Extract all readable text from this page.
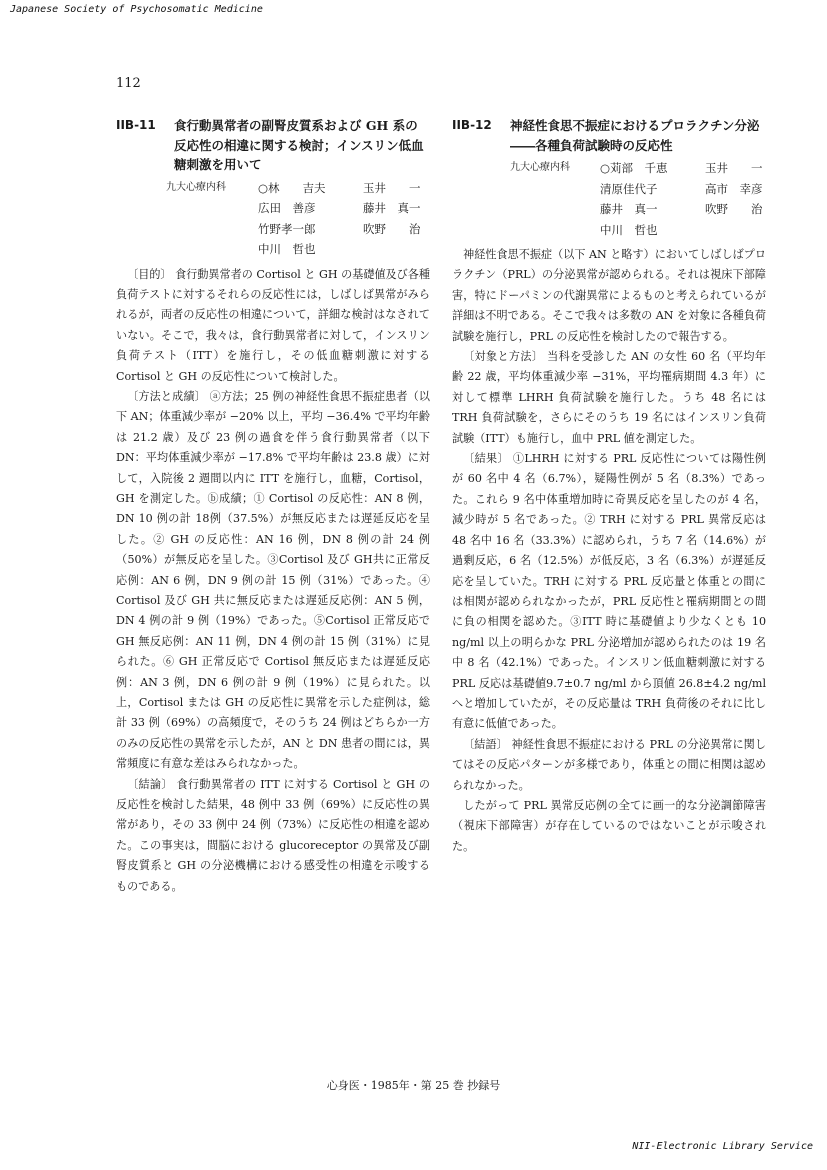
Japanese Society of Psychosomatic Medicine
112
IIB-11	食行動異常者の副腎皮質系および GH 系の反応性の相違に関する検討；インスリン低血糖刺激を用いて
九大心療内科	○林　　吉夫	玉井　　一
広田　善彦	藤井　真一
竹野孝一郎	吹野　　治
中川　哲也

〔目的〕 食行動異常者の Cortisol と GH の基礎値及び各種負荷テストに対するそれらの反応性には，しばしば異常がみられるが，両者の反応性の相違について，詳細な検討はなされていない。そこで，我々は，食行動異常者に対して，インスリン負荷テスト（ITT）を施行し，その低血糖刺激に対する Cortisol と GH の反応性について検討した。

〔方法と成績〕 ⓐ方法；25 例の神経性食思不振症患者（以下 AN；体重減少率が −20% 以上，平均 −36.4% で平均年齢は 21.2 歳）及び 23 例の過食を伴う食行動異常者（以下 DN：平均体重減少率が −17.8% で平均年齢は 23.8 歳）に対して，入院後 2 週間以内に ITT を施行し，血糖，Cortisol，GH を測定した。ⓑ成績；① Cortisol の反応性：AN 8 例，DN 10 例の計 18例（37.5%）が無反応または遅延反応を呈した。② GH の反応性：AN 16 例，DN 8 例の計 24 例（50%）が無反応を呈した。③Cortisol 及び GH共に正常反応例：AN 6 例，DN 9 例の計 15 例（31%）であった。④ Cortisol 及び GH 共に無反応または遅延反応例：AN 5 例，DN 4 例の計 9 例（19%）であった。⑤Cortisol 正常反応で GH 無反応例：AN 11 例，DN 4 例の計 15 例（31%）に見られた。⑥ GH 正常反応で Cortisol 無反応または遅延反応例：AN 3 例，DN 6 例の計 9 例（19%）に見られた。以上，Cortisol または GH の反応性に異常を示した症例は，総計 33 例（69%）の高頻度で，そのうち 24 例はどちらか一方のみの反応性の異常を示したが，AN と DN 患者の間には，異常頻度に有意な差はみられなかった。

〔結論〕 食行動異常者の ITT に対する Cortisol と GH の反応性を検討した結果，48 例中 33 例（69%）に反応性の異常があり，その 33 例中 24 例（73%）に反応性の相違を認めた。この事実は，間脳における glucoreceptor の異常及び副腎皮質系と GH の分泌機構における感受性の相違を示唆するものである。

IIB-12	神経性食思不振症におけるプロラクチン分泌――各種負荷試験時の反応性
九大心療内科	○苅部　千恵	玉井　　一
清原佳代子	高市　幸彦
藤井　真一	吹野　　治
中川　哲也

神経性食思不振症（以下 AN と略す）においてしばしばプロラクチン（PRL）の分泌異常が認められる。それは視床下部障害，特にドーパミンの代謝異常によるものと考えられているが詳細は不明である。そこで我々は多数の AN を対象に各種負荷試験を施行し，PRL の反応性を検討したので報告する。

〔対象と方法〕 当科を受診した AN の女性 60 名（平均年齢 22 歳，平均体重減少率 −31%，平均罹病期間 4.3 年）に対して標準 LHRH 負荷試験を施行した。うち 48 名には TRH 負荷試験を，さらにそのうち 19 名にはインスリン負荷試験（ITT）も施行し，血中 PRL 値を測定した。

〔結果〕 ①LHRH に対する PRL 反応性については陽性例が 60 名中 4 名（6.7%），疑陽性例が 5 名（8.3%）であった。これら 9 名中体重増加時に奇異反応を呈したのが 4 名，減少時が 5 名であった。② TRH に対する PRL 異常反応は 48 名中 16 名（33.3%）に認められ，うち 7 名（14.6%）が過剰反応，6 名（12.5%）が低反応，3 名（6.3%）が遅延反応を呈していた。TRH に対する PRL 反応量と体重との間には相関が認められなかったが，PRL 反応性と罹病期間との間に負の相関を認めた。③ITT 時に基礎値より少なくとも 10 ng/ml 以上の明らかな PRL 分泌増加が認められたのは 19 名中 8 名（42.1%）であった。インスリン低血糖刺激に対する PRL 反応は基礎値9.7±0.7 ng/ml から頂値 26.8±4.2 ng/ml へと増加していたが，その反応量は TRH 負荷後のそれに比し有意に低値であった。

〔結語〕 神経性食思不振症における PRL の分泌異常に関してはその反応パターンが多様であり，体重との間に相関は認められなかった。

したがって PRL 異常反応例の全てに画一的な分泌調節障害（視床下部障害）が存在しているのではないことが示唆された。

心身医・1985年・第 25 巻 抄録号
NII-Electronic Library Service
